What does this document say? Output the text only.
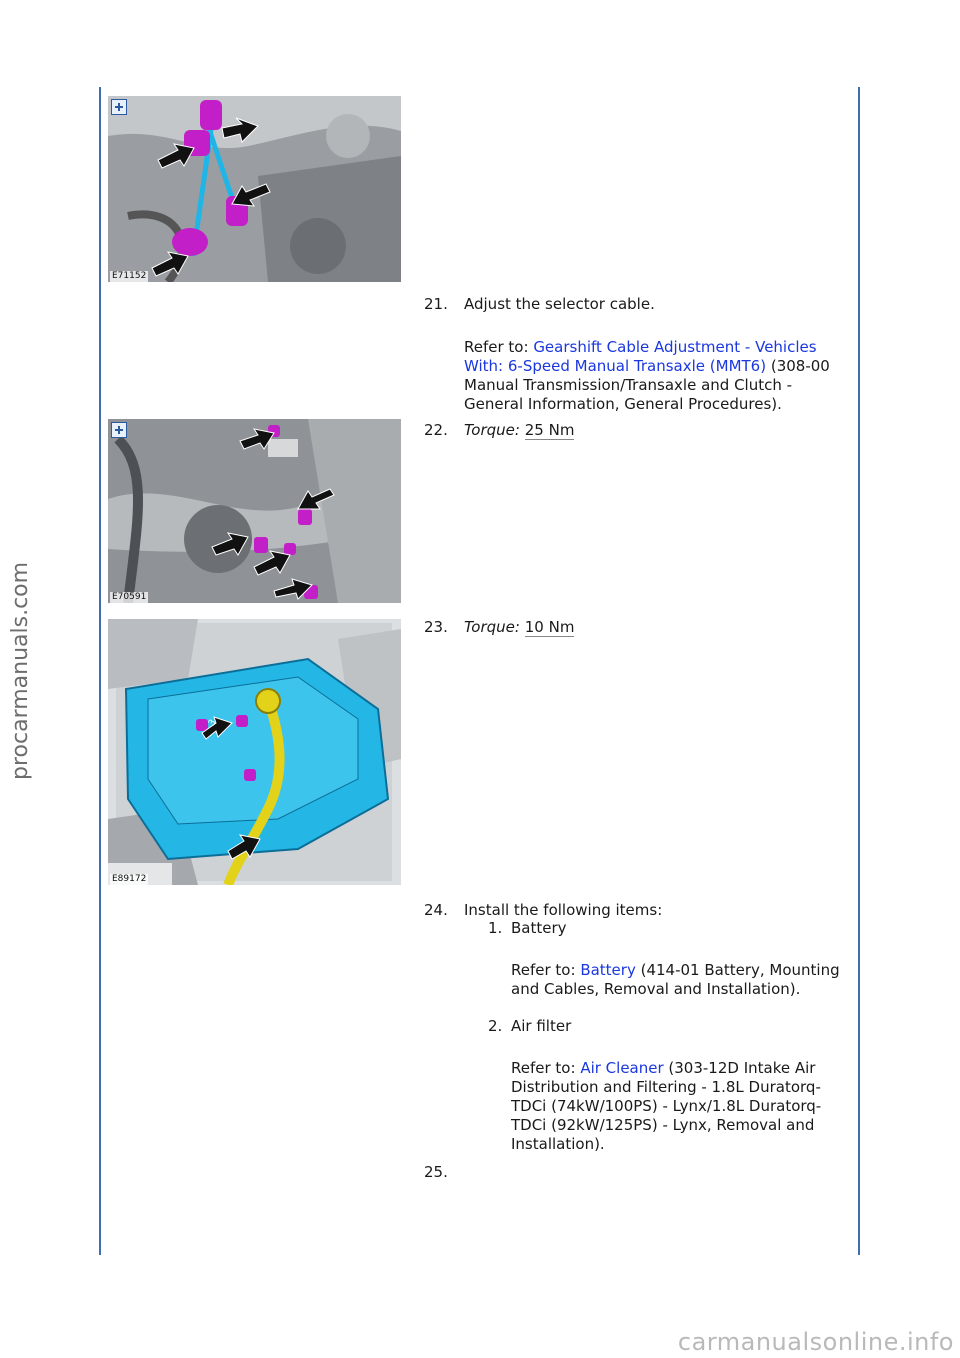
E71152
21.	Adjust the selector cable.
Refer to: Gearshift Cable Adjustment - Vehicles With: 6-Speed Manual Transaxle (MMT6) (308-00 Manual Transmission/Transaxle and Clutch - General Information, General Procedures).
E70591
22.	Torque: 25 Nm
3
E89172
23.	Torque: 10 Nm
24.	Install the following items:
1. Battery
Refer to: Battery (414-01 Battery, Mounting and Cables, Removal and Installation).
2. Air filter
Refer to: Air Cleaner (303-12D Intake Air Distribution and Filtering - 1.8L Duratorq-TDCi (74kW/100PS) - Lynx/1.8L Duratorq-TDCi (92kW/125PS) - Lynx, Removal and Installation).
25.
procarmanuals.com
carmanualsonline.info
